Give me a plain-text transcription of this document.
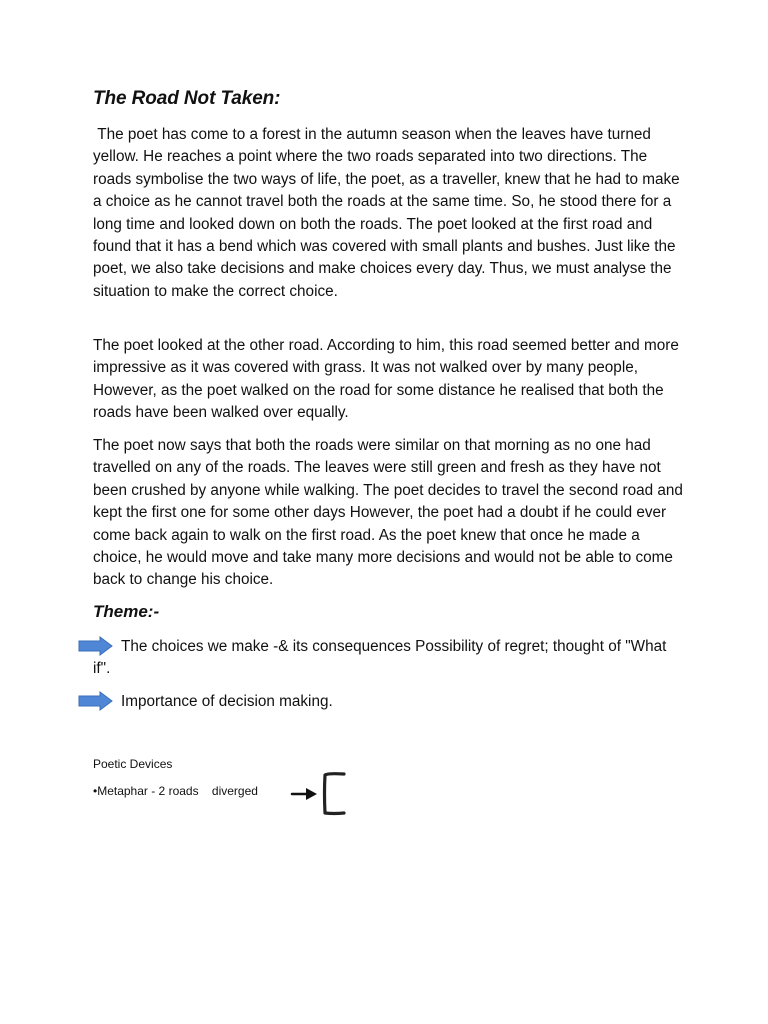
The Road Not Taken:

The poet has come to a forest in the autumn season when the leaves have turned yellow. He reaches a point where the two roads separated into two directions. The roads symbolise the two ways of life, the poet, as a traveller, knew that he had to make a choice as he cannot travel both the roads at the same time. So, he stood there for a long time and looked down on both the roads. The poet looked at the first road and found that it has a bend which was covered with small plants and bushes. Just like the poet, we also take decisions and make choices every day. Thus, we must analyse the situation to make the correct choice.

The poet looked at the other road. According to him, this road seemed better and more impressive as it was covered with grass. It was not walked over by many people, However, as the poet walked on the road for some distance he realised that both the roads have been walked over equally.

The poet now says that both the roads were similar on that morning as no one had travelled on any of the roads. The leaves were still green and fresh as they have not been crushed by anyone while walking. The poet decides to travel the second road and kept the first one for some other days However, the poet had a doubt if he could ever come back again to walk on the first road. As the poet knew that once he made a choice, he would move and take many more decisions and would not be able to come back to change his choice.

Theme:-
The choices we make -& its consequences Possibility of regret; thought of "What if".
Importance of decision making.

Poetic Devices

•Metaphar - 2 roads    diverged
